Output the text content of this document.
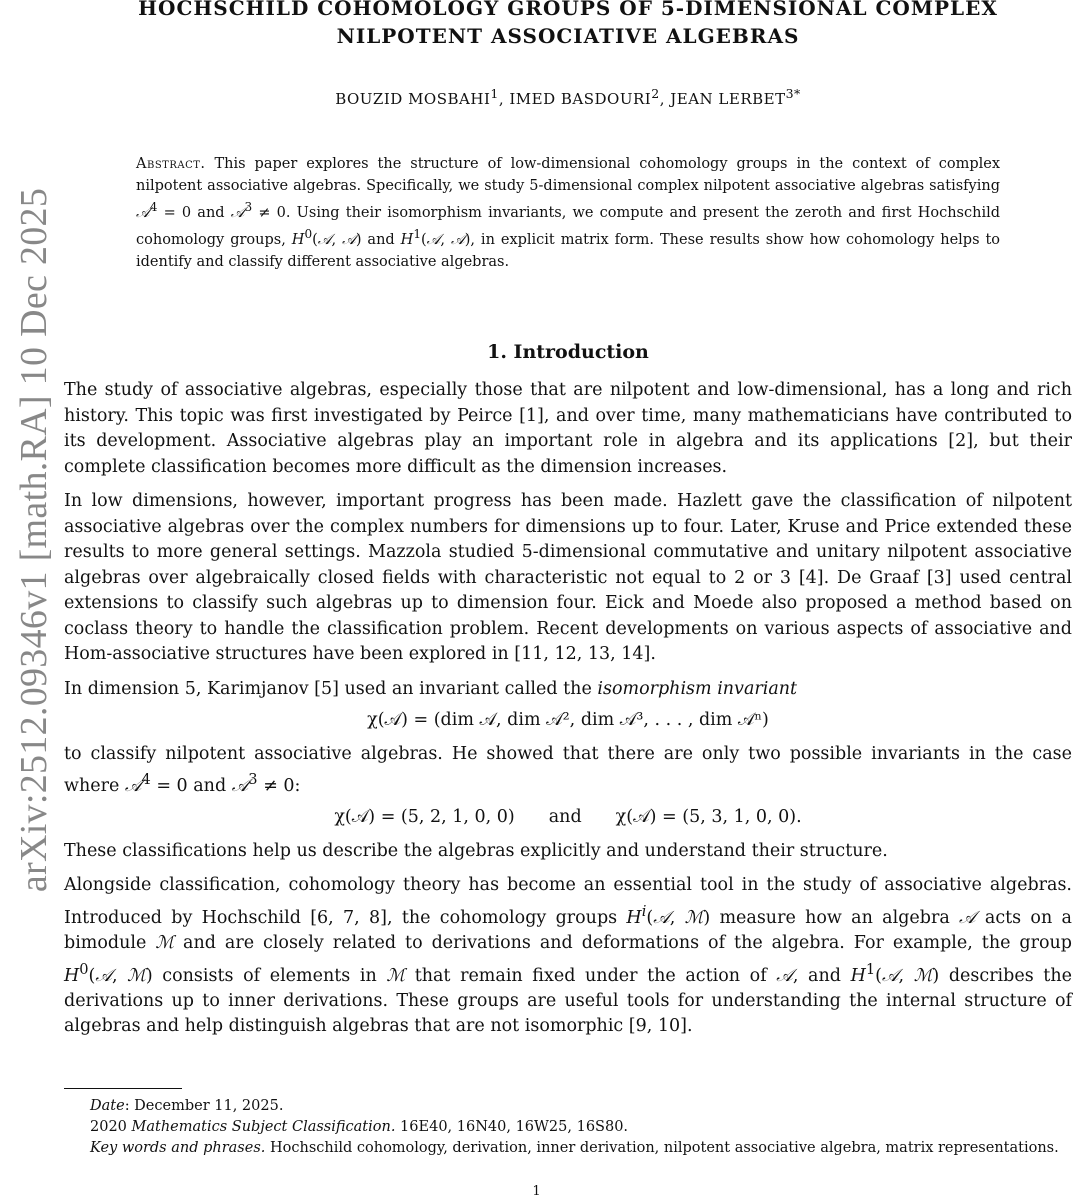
arXiv:2512.09346v1 [math.RA] 10 Dec 2025
HOCHSCHILD COHOMOLOGY GROUPS OF 5-DIMENSIONAL COMPLEX
NILPOTENT ASSOCIATIVE ALGEBRAS
BOUZID MOSBAHI$^1$, IMED BASDOURI$^2$, JEAN $LERBET^{3*}$
Abstract. This paper explores the structure of low-dimensional cohomology groups in the context of complex nilpotent associative algebras. Specifically, we study 5-dimensional complex nilpotent associative algebras satisfying 𝒜$^4$ = 0 and 𝒜$^3$ ≠ 0. Using their isomorphism invariants, we compute and present the zeroth and first Hochschild cohomology groups, $H^0(𝒜$, 𝒜) and $H^1(𝒜$, 𝒜), in explicit matrix form. These results show how cohomology helps to identify and classify different associative algebras.
1. Introduction

The study of associative algebras, especially those that are nilpotent and low-dimensional, has a long and rich history. This topic was first investigated by Peirce [1], and over time, many mathematicians have contributed to its development. Associative algebras play an important role in algebra and its applications [2], but their complete classification becomes more difficult as the dimension increases.

In low dimensions, however, important progress has been made. Hazlett gave the classification of nilpotent associative algebras over the complex numbers for dimensions up to four. Later, Kruse and Price extended these results to more general settings. Mazzola studied 5-dimensional commutative and unitary nilpotent associative algebras over algebraically closed fields with characteristic not equal to 2 or 3 [4]. De Graaf [3] used central extensions to classify such algebras up to dimension four. Eick and Moede also proposed a method based on coclass theory to handle the classification problem. Recent developments on various aspects of associative and Hom-associative structures have been explored in [11, 12, 13, 14].

In dimension 5, Karimjanov [5] used an invariant called the isomorphism invariant

χ(𝒜) = (dim 𝒜, dim 𝒜², dim 𝒜³, . . . , dim 𝒜ⁿ)

to classify nilpotent associative algebras. He showed that there are only two possible invariants in the case where 𝒜$^4$ = 0 and 𝒜$^3$ ≠ 0:

χ(𝒜) = (5, 2, 1, 0, 0) and χ(𝒜) = (5, 3, 1, 0, 0).

These classifications help us describe the algebras explicitly and understand their structure.

Alongside classification, cohomology theory has become an essential tool in the study of associative algebras. Introduced by Hochschild [6, 7, 8], the cohomology groups $H^i(𝒜$, ℳ) measure how an algebra 𝒜 acts on a bimodule ℳ and are closely related to derivations and deformations of the algebra. For example, the group $H^0(𝒜$, ℳ) consists of elements in ℳ that remain fixed under the action of 𝒜, and $H^1(𝒜$, ℳ) describes the derivations up to inner derivations. These groups are useful tools for understanding the internal structure of algebras and help distinguish algebras that are not isomorphic [9, 10].

Date: December 11, 2025.
2020 Mathematics Subject Classification. 16E40, 16N40, 16W25, 16S80.
Key words and phrases. Hochschild cohomology, derivation, inner derivation, nilpotent associative algebra, matrix representations.
1
